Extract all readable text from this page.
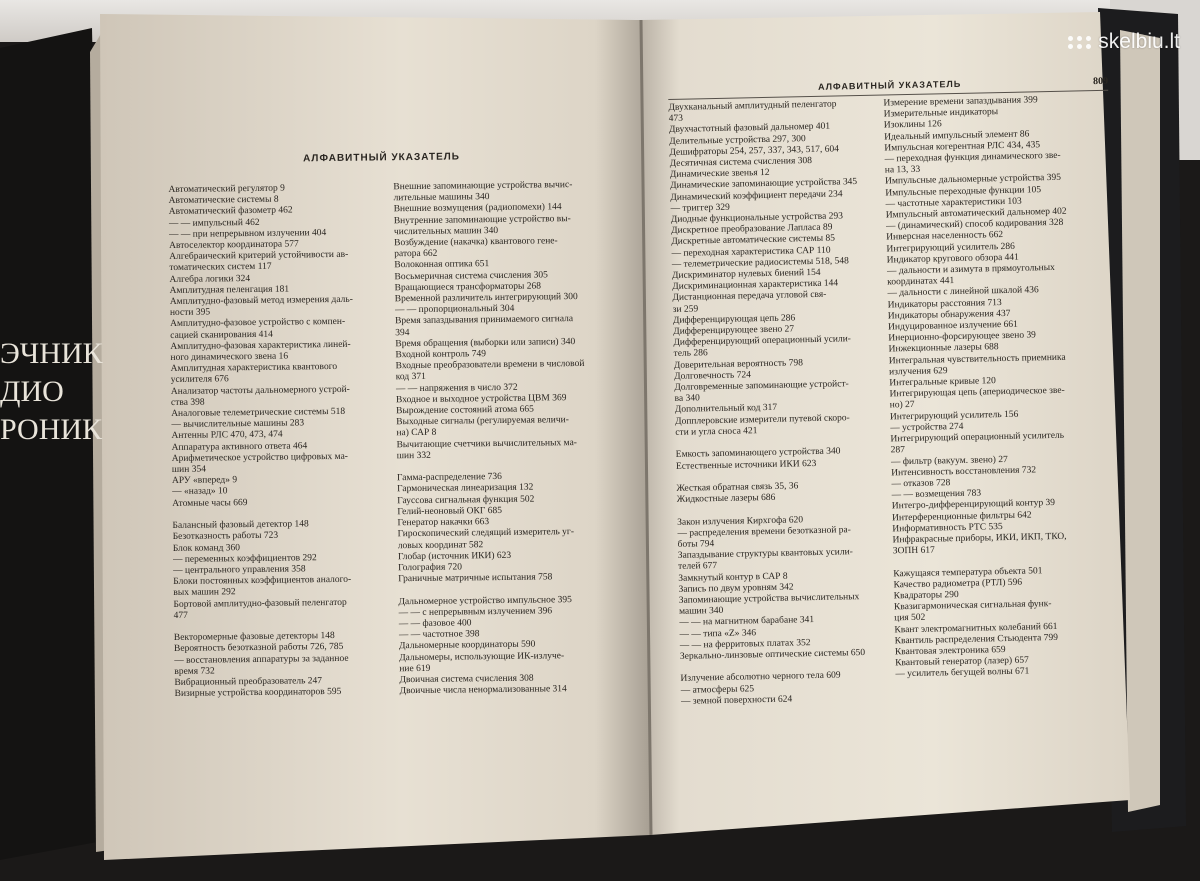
ЭЧНИК

ДИО

РОНИК

skelbiu.lt
АЛФАВИТНЫЙ УКАЗАТЕЛЬ

Автоматический регулятор 9

Автоматические системы 8

Автоматический фазометр 462

— — импульсный 462

— — при непрерывном излучении 404

Автоселектор координатора 577

Алгебраический критерий устойчивости ав-

томатических систем 117

Алгебра логики 324

Амплитудная пеленгация 181

Амплитудно-фазовый метод измерения даль-

ности 395

Амплитудно-фазовое устройство с компен-

сацией сканирования 414

Амплитудно-фазовая характеристика линей-

ного динамического звена 16

Амплитудная характеристика квантового

усилителя 676

Анализатор частоты дальномерного устрой-

ства 398

Аналоговые телеметрические системы 518

— вычислительные машины 283

Антенны РЛС 470, 473, 474

Аппаратура активного ответа 464

Арифметическое устройство цифровых ма-

шин 354

АРУ «вперед» 9

— «назад» 10

Атомные часы 669

Балансный фазовый детектор 148

Безотказность работы 723

Блок команд 360

— переменных коэффициентов 292

— центрального управления 358

Блоки постоянных коэффициентов аналого-

вых машин 292

Бортовой амплитудно-фазовый пеленгатор

477

Векторомерные фазовые детекторы 148

Вероятность безотказной работы 726, 785

— восстановления аппаратуры за заданное

время 732

Вибрационный преобразователь 247

Визирные устройства координаторов 595

Внешние запоминающие устройства вычис-

лительные машины 340

Внешние возмущения (радиопомехи) 144

Внутренние запоминающие устройство вы-

числительных машин 340

Возбуждение (накачка) квантового гене-

ратора 662

Волоконная оптика 651

Восьмеричная система счисления 305

Вращающиеся трансформаторы 268

Временной различитель интегрирующий 300

— — пропорциональный 304

Время запаздывания принимаемого сигнала

394

Время обращения (выборки или записи) 340

Входной контроль 749

Входные преобразователи времени в числовой

код 371

— — напряжения в число 372

Входное и выходное устройства ЦВМ 369

Вырождение состояний атома 665

Выходные сигналы (регулируемая величи-

на) САР 8

Вычитающие счетчики вычислительных ма-

шин 332

Гамма-распределение 736

Гармоническая линеаризация 132

Гауссова сигнальная функция 502

Гелий-неоновый ОКГ 685

Генератор накачки 663

Гироскопический следящий измеритель уг-

ловых координат 582

Глобар (источник ИКИ) 623

Голография 720

Граничные матричные испытания 758

Дальномерное устройство импульсное 395

— — с непрерывным излучением 396

— — фазовое 400

— — частотное 398

Дальномерные координаторы 590

Дальномеры, использующие ИК-излуче-

ние 619

Двоичная система счисления 308

Двоичные числа ненормализованные 314

АЛФАВИТНЫЙ УКАЗАТЕЛЬ	809

Двухканальный амплитудный пеленгатор

473

Двухчастотный фазовый дальномер 401

Делительные устройства 297, 300

Дешифраторы 254, 257, 337, 343, 517, 604

Десятичная система счисления 308

Динамические звенья 12

Динамические запоминающие устройства 345

Динамический коэффициент передачи 234

— триггер 329

Диодные функциональные устройства 293

Дискретное преобразование Лапласа 89

Дискретные автоматические системы 85

— переходная характеристика САР 110

— телеметрические радиосистемы 518, 548

Дискриминатор нулевых биений 154

Дискриминационная характеристика 144

Дистанционная передача угловой свя-

зи 259

Дифференцирующая цепь 286

Дифференцирующее звено 27

Дифференцирующий операционный усили-

тель 286

Доверительная вероятность 798

Долговечность 724

Долговременные запоминающие устройст-

ва 340

Дополнительный код 317

Допплеровские измерители путевой скоро-

сти и угла сноса 421

Емкость запоминающего устройства 340

Естественные источники ИКИ 623

Жесткая обратная связь 35, 36

Жидкостные лазеры 686

Закон излучения Кирхгофа 620

— распределения времени безотказной ра-

боты 794

Запаздывание структуры квантовых усили-

телей 677

Замкнутый контур в САР 8

Запись по двум уровням 342

Запоминающие устройства вычислительных

машин 340

— — на магнитном барабане 341

— — типа «Z» 346

— — на ферритовых платах 352

Зеркально-линзовые оптические системы 650

Излучение абсолютно черного тела 609

— атмосферы 625

— земной поверхности 624

Измерение времени запаздывания 399

Измерительные индикаторы

Изоклины 126

Идеальный импульсный элемент 86

Импульсная когерентная РЛС 434, 435

— переходная функция динамического зве-

на 13, 33

Импульсные дальномерные устройства 395

Импульсные переходные функции 105

— частотные характеристики 103

Импульсный автоматический дальномер 402

— (динамический) способ кодирования 328

Инверсная населенность 662

Интегрирующий усилитель 286

Индикатор кругового обзора 441

— дальности и азимута в прямоугольных

координатах 441

— дальности с линейной шкалой 436

Индикаторы расстояния 713

Индикаторы обнаружения 437

Индуцированное излучение 661

Инерционно-форсирующее звено 39

Инжекционные лазеры 688

Интегральная чувствительность приемника

излучения 629

Интегральные кривые 120

Интегрирующая цепь (апериодическое зве-

но) 27

Интегрирующий усилитель 156

— устройства 274

Интегрирующий операционный усилитель

287

— фильтр (вакуум. звено) 27

Интенсивность восстановления 732

— отказов 728

— — возмещения 783

Интегро-дифференцирующий контур 39

Интерференционные фильтры 642

Информативность РТС 535

Инфракрасные приборы, ИКИ, ИКП, ТКО,

ЗОПН 617

Кажущаяся температура объекта 501

Качество радиометра (РТЛ) 596

Квадраторы 290

Квазигармоническая сигнальная функ-

ция 502

Квант электромагнитных колебаний 661

Квантиль распределения Стьюдента 799

Квантовая электроника 659

Квантовый генератор (лазер) 657

— усилитель бегущей волны 671
